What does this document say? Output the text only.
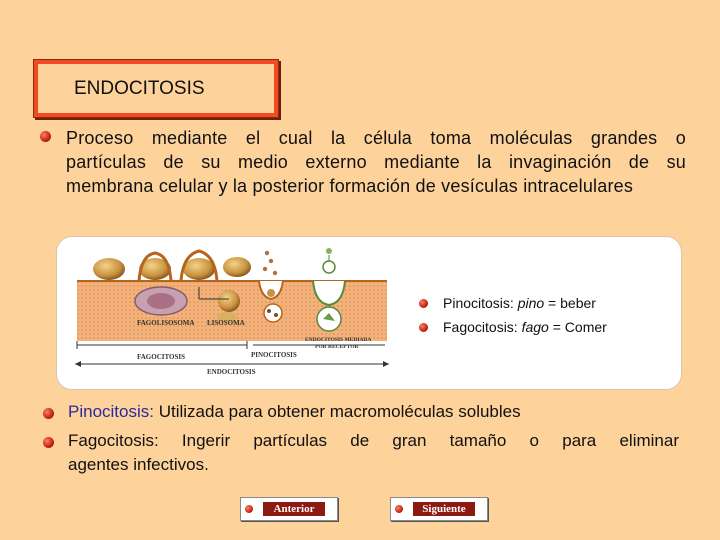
ENDOCITOSIS
Proceso mediante el cual la célula toma moléculas grandes o
partículas de su medio externo mediante la invaginación de su
membrana celular y la posterior formación de vesículas intracelulares
FAGOLISOSOMA LISOSOMA
ENDOCITOSIS MEDIADA
POR RECEPTOR
FAGOCITOSIS	PINOCITOSIS
ENDOCITOSIS
Pinocitosis: pino = beber
Fagocitosis: fago = Comer
Pinocitosis: Utilizada para obtener macromoléculas solubles
Fagocitosis:  Ingerir  partículas  de  gran  tamaño  o  para  eliminar
agentes infectivos.
Anterior	Siguiente
